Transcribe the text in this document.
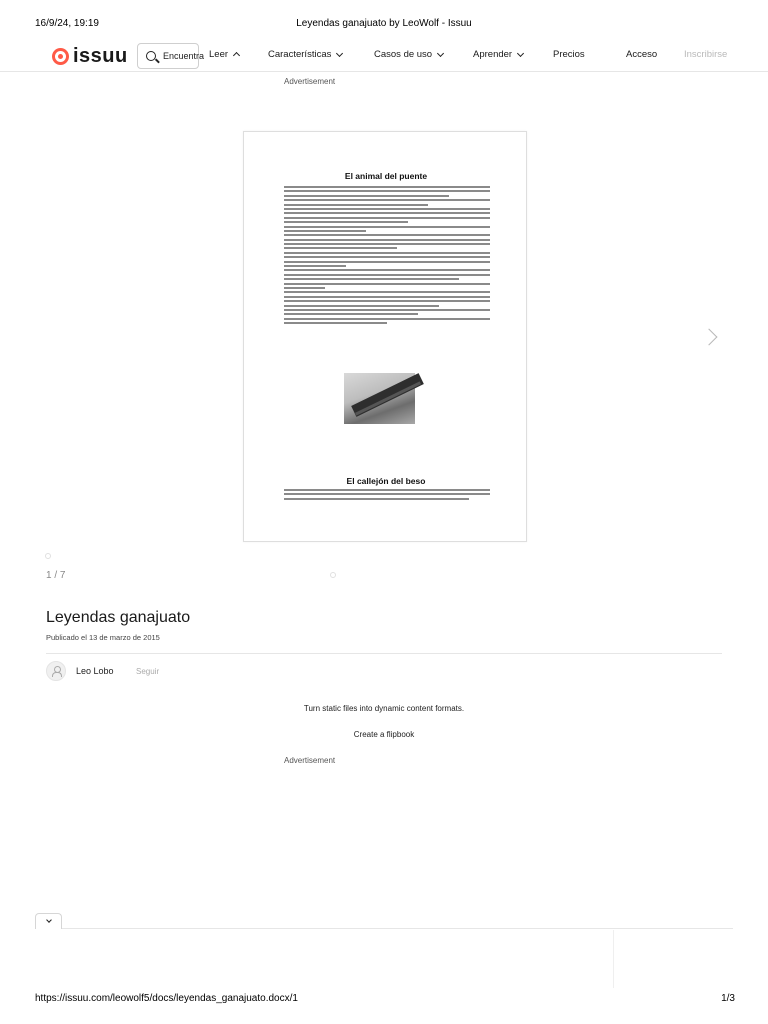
16/9/24, 19:19	Leyendas ganajuato by LeoWolf - Issuu
issuu	Encuentra Leer	Características	Casos de uso	Aprender	Precios	Acceso	Inscribirse
Advertisement
El animal del puente
El callejón del beso
1 / 7
Leyendas ganajuato
Publicado el 13 de marzo de 2015
Leo Lobo	Seguir
Turn static files into dynamic content formats.
Create a flipbook
Advertisement
https://issuu.com/leowolf5/docs/leyendas_ganajuato.docx/1	1/3
